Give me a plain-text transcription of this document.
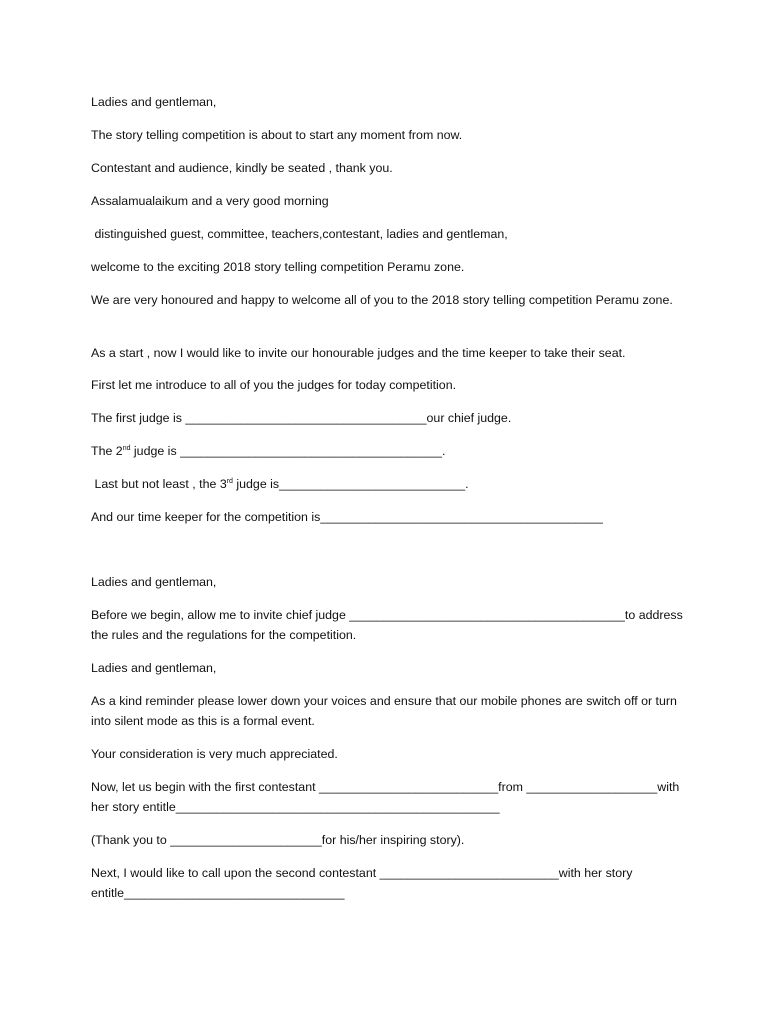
Ladies and gentleman,

The story telling competition is about to start any moment from now.

Contestant and audience, kindly be seated , thank you.

Assalamualaikum and a very good morning

distinguished guest, committee, teachers,contestant, ladies and gentleman,

welcome to the exciting 2018 story telling competition Peramu zone.

We are very honoured and happy to welcome all of you to the 2018 story telling competition Peramu zone.

As a start , now I would like to invite our honourable judges and the time keeper to take their seat.

First let me introduce to all of you the judges for today competition.

The first judge is ___________________________________our chief judge.

The 2nd judge is ______________________________________.

Last but not least , the 3rd judge is___________________________.

And our time keeper for the competition is_________________________________________

Ladies and gentleman,

Before we begin, allow me to invite chief judge ________________________________________to address the rules and the regulations for the competition.

Ladies and gentleman,

As a kind reminder please lower down your voices and ensure that our mobile phones are switch off or turn into silent mode as this is a formal event.

Your consideration is very much appreciated.

Now, let us begin with the first contestant __________________________from ___________________with her story entitle_______________________________________________

(Thank you to ______________________for his/her inspiring story).

Next, I would like to call upon the second contestant __________________________with her story entitle________________________________
